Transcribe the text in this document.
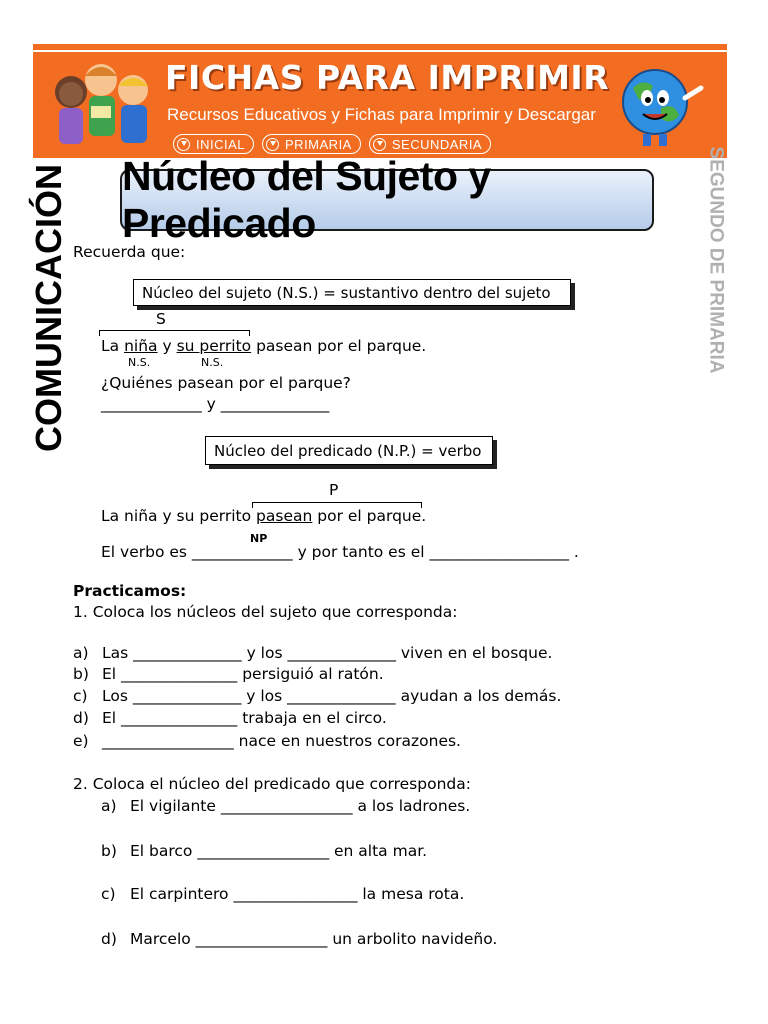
FICHAS PARA IMPRIMIR
Recursos Educativos y Fichas para Imprimir y Descargar
INICIAL	PRIMARIA	SECUNDARIA
COMUNICACIÓN	SEGUNDO DE PRIMARIA
Núcleo del Sujeto y Predicado
Recuerda que:
Núcleo del sujeto (N.S.) = sustantivo dentro del sujeto
S
La niña y su perrito pasean por el parque.
N.S.	N.S.
¿Quiénes pasean por el parque?
_____________ y ______________
Núcleo del predicado (N.P.) = verbo
P
La niña y su perrito pasean por el parque.
NP
El verbo es _____________ y por tanto es el __________________ .
Practicamos:
1. Coloca los núcleos del sujeto que corresponda:
a) Las ______________ y los ______________ viven en el bosque.
b) El _______________ persiguió al ratón.
c) Los ______________ y los ______________ ayudan a los demás.
d) El _______________ trabaja en el circo.
e) _________________ nace en nuestros corazones.
2. Coloca el núcleo del predicado que corresponda:
a) El vigilante _________________ a los ladrones.
b) El barco _________________ en alta mar.
c) El carpintero ________________ la mesa rota.
d) Marcelo _________________ un arbolito navideño.
